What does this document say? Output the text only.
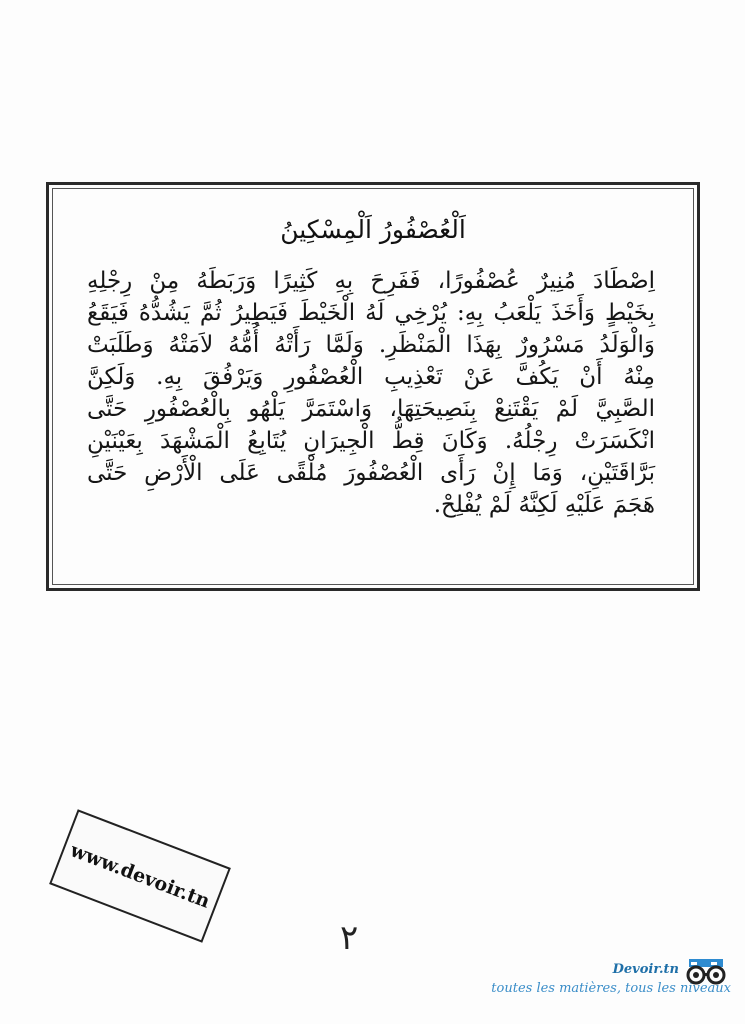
اَلْعُصْفُورُ اَلْمِسْكِينُ
اِصْطَادَ مُنِيرٌ عُصْفُورًا، فَفَرِحَ بِهِ كَثِيرًا وَرَبَطَهُ مِنْ رِجْلِهِ
بِخَيْطٍ وَأَخَذَ يَلْعَبُ بِهِ: يُرْخِي لَهُ الْخَيْطَ فَيَطِيرُ ثُمَّ يَشُدُّهُ فَيَقَعُ
وَالْوَلَدُ مَسْرُورٌ بِهَذَا الْمَنْظَرِ. وَلَمَّا رَأَتْهُ أُمُّهُ لاَمَتْهُ وَطَلَبَتْ
مِنْهُ أَنْ يَكُفَّ عَنْ تَعْذِيبِ الْعُصْفُورِ وَيَرْفُقَ بِهِ. وَلَكِنَّ
الصَّبِيَّ لَمْ يَقْتَنِعْ بِنَصِيحَتِهَا، وَاسْتَمَرَّ يَلْهُو بِالْعُصْفُورِ حَتَّى
انْكَسَرَتْ رِجْلُهُ. وَكَانَ قِطُّ الْجِيرَانِ يُتَابِعُ الْمَشْهَدَ بِعَيْنَيْنِ
بَرَّاقَتَيْنِ، وَمَا إِنْ رَأَى الْعُصْفُورَ مُلْقًى عَلَى الْأَرْضِ حَتَّى
هَجَمَ عَلَيْهِ لَكِنَّهُ لَمْ يُفْلِحْ.
www.devoir.tn
٢
Devoir.tn
toutes les matières, tous les niveaux
